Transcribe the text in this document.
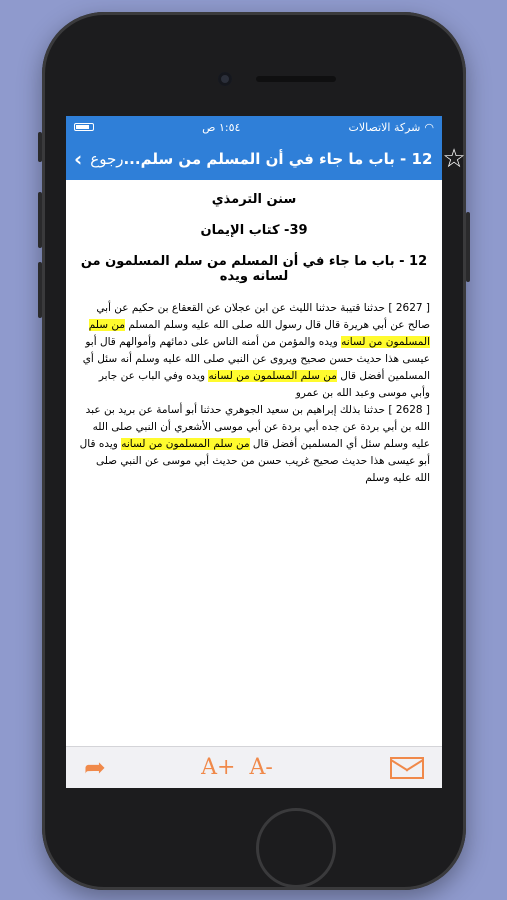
١:٥٤ ص	شركة الاتصالات ◠
‹ رجوع 12 - باب ما جاء في أن المسلم من سلم... ☆
سنن الترمذي
39- كتاب الإيمان
12 - باب ما جاء في أن المسلم من سلم المسلمون من لسانه ويده
[ 2627 ] حدثنا قتيبة حدثنا الليث عن ابن عجلان عن القعقاع بن حكيم عن أبي صالح عن أبي هريرة قال قال رسول الله صلى الله عليه وسلم المسلم من سلم المسلمون من لسانه ويده والمؤمن من أمنه الناس على دمائهم وأموالهم قال أبو عيسى هذا حديث حسن صحيح ويروى عن النبي صلى الله عليه وسلم أنه سئل أي المسلمين أفضل قال من سلم المسلمون من لسانه ويده وفي الباب عن جابر وأبي موسى وعبد الله بن عمرو
[ 2628 ] حدثنا بذلك إبراهيم بن سعيد الجوهري حدثنا أبو أسامة عن بريد بن عبد الله بن أبي بردة عن جده أبي بردة عن أبي موسى الأشعري أن النبي صلى الله عليه وسلم سئل أي المسلمين أفضل قال من سلم المسلمون من لسانه ويده قال أبو عيسى هذا حديث صحيح غريب حسن من حديث أبي موسى عن النبي صلى الله عليه وسلم
➦	A+ A-
